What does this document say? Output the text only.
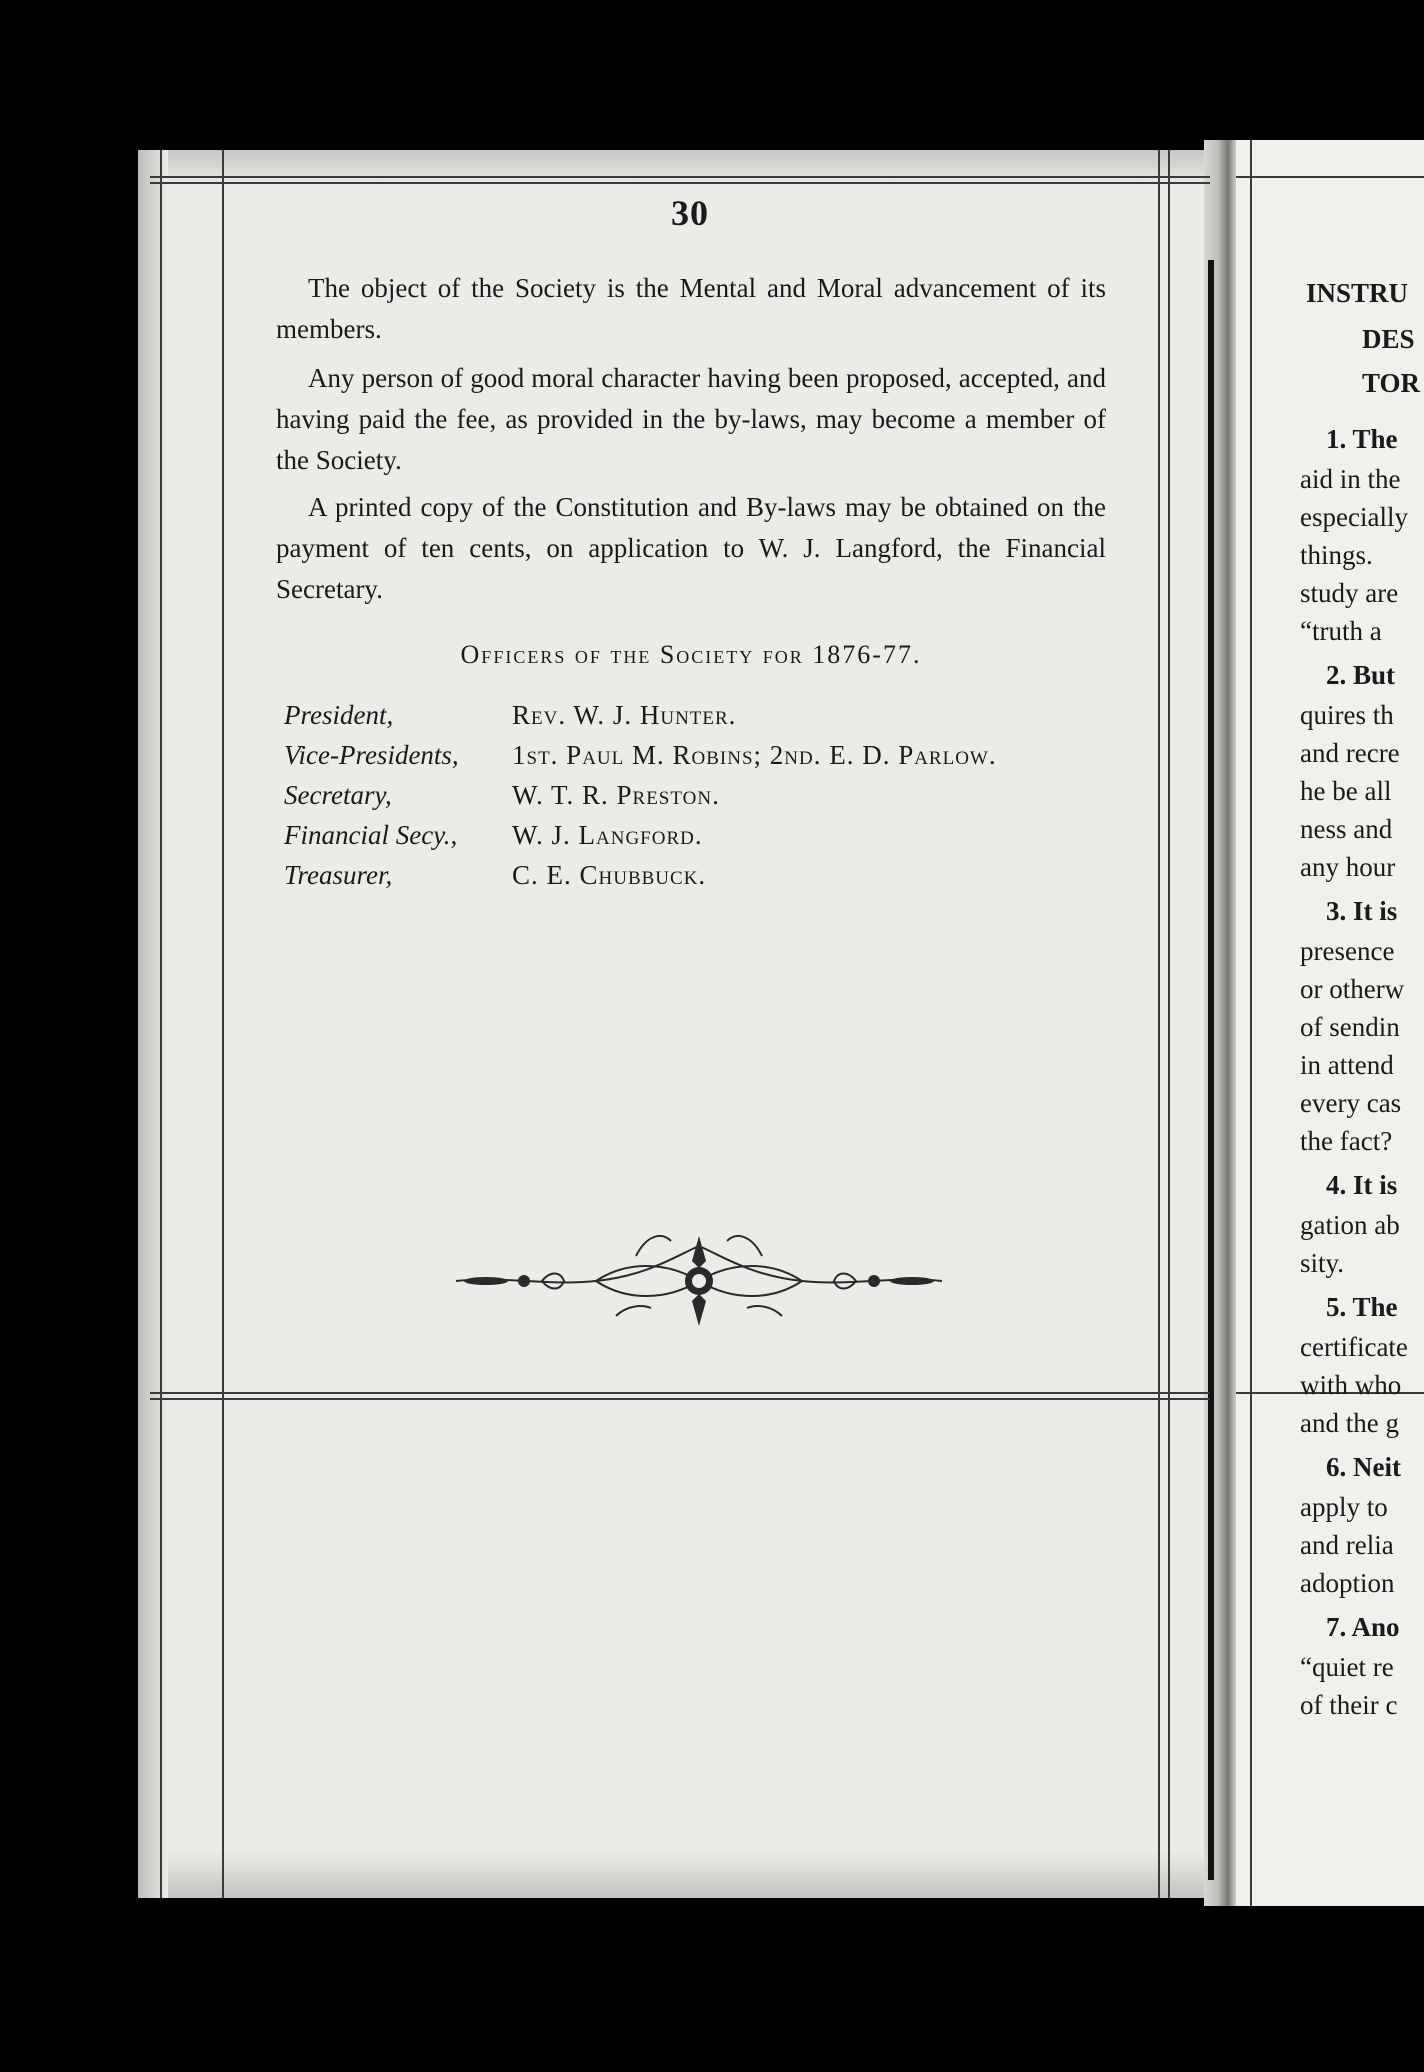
30

The object of the Society is the Mental and Moral advancement of its members.

Any person of good moral character having been proposed, accepted, and having paid the fee, as provided in the by-laws, may become a member of the Society.

A printed copy of the Constitution and By-laws may be obtained on the payment of ten cents, on application to W. J. Langford, the Financial Secretary.

Officers of the Society for 1876-77.
President,	Rev. W. J. Hunter.
Vice-Presidents, 1st. Paul M. Robins; 2nd. E. D. Parlow.
Secretary,	W. T. R. Preston.
Financial Secy., W. J. Langford.
Treasurer,	C. E. Chubbuck.
INSTRU
DES
TOR
1. The
aid in the
especially
things.
study are
“truth a
2. But
quires th
and recre
he be all
ness and
any hour
3. It is
presence
or otherw
of sendin
in attend
every cas
the fact?
4. It is
gation ab
sity.
5. The
certificate
with who
and the g
6. Neit
apply to
and relia
adoption
7. Ano
“quiet re
of their c
